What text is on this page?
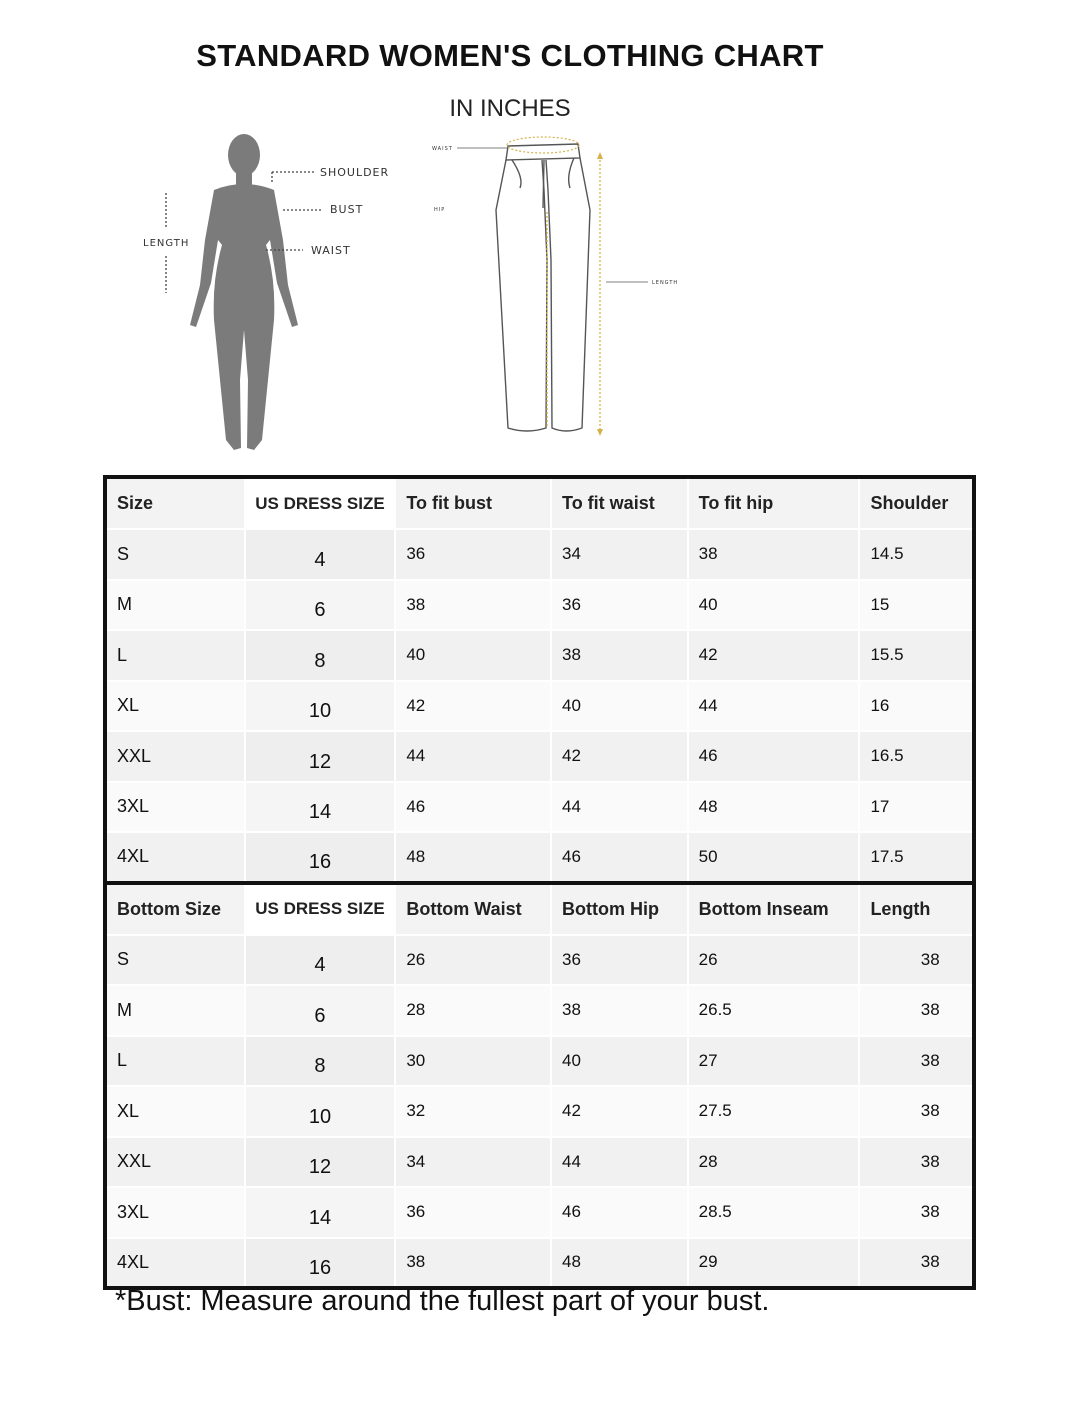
STANDARD WOMEN'S CLOTHING CHART
IN INCHES
SHOULDER
BUST
WAIST
LENGTH
WAIST
HIP
LENGTH
Size	US DRESS SIZE	To fit bust	To fit waist	To fit hip	Shoulder
S	4	36	34	38	14.5
M	6	38	36	40	15
L	8	40	38	42	15.5
XL	10	42	40	44	16
XXL	12	44	42	46	16.5
3XL	14	46	44	48	17
4XL	16	48	46	50	17.5
Bottom Size	US DRESS SIZE	Bottom Waist	Bottom Hip	Bottom Inseam	Length
S	4	26	36	26	38
M	6	28	38	26.5	38
L	8	30	40	27	38
XL	10	32	42	27.5	38
XXL	12	34	44	28	38
3XL	14	36	46	28.5	38
4XL	16	38	48	29	38
*Bust: Measure around the fullest part of your bust.
